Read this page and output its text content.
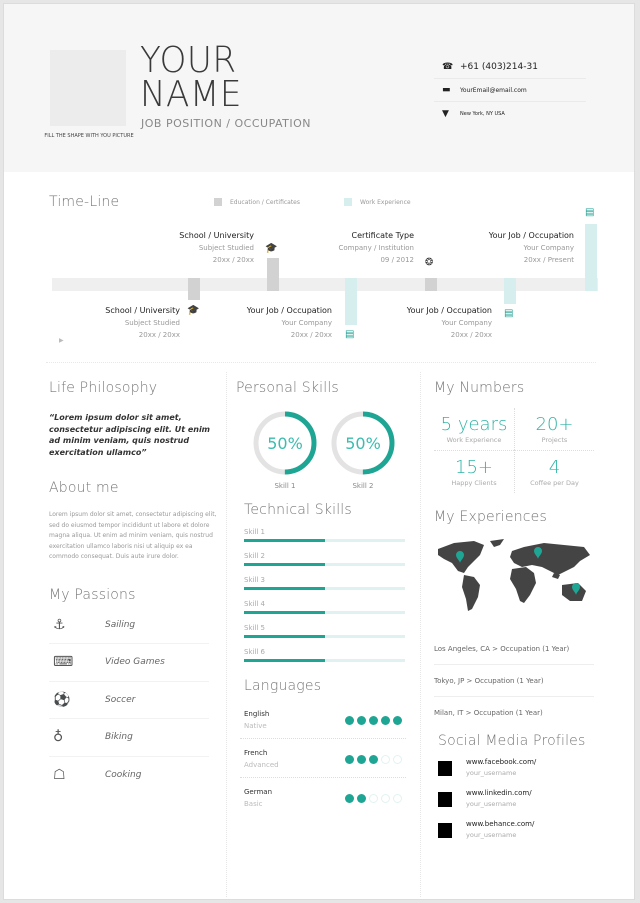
FILL THE SHAPE WITH YOU PICTURE
YOUR
NAME
JOB POSITION / OCCUPATION
☎ +61 (403)214-31
▬	YourEmail@email.com
▼	New York, NY USA
Time-Line	Education / Certificates	Work Experience
School / University
Subject Studied
20xx / 20xx
🎓
Certificate Type
Company / Institution
09 / 2012 ❂
Your Job / Occupation
Your Company
20xx / Present
▤
School / University
Subject Studied
20xx / 20xx
🎓	Your Job / Occupation
Your Company
20xx / 20xx ▤
Your Job / Occupation
Your Company
20xx / 20xx
▤
▶
Life Philosophy
“Lorem ipsum dolor sit amet, consectetur adipiscing elit. Ut enim ad minim veniam, quis nostrud exercitation ullamco”
About me
Lorem ipsum dolor sit amet, consectetur adipiscing elit, sed do eiusmod tempor incididunt ut labore et dolore magna aliqua. Ut enim ad minim veniam, quis nostrud exercitation ullamco laboris nisi ut aliquip ex ea commodo consequat. Duis aute irure dolor.
My Passions
⚓	Sailing
⌨	Video Games
⚽	Soccer
♁	Biking
☖	Cooking
Personal Skills
50%
Skill 1
50%
Skill 2
Technical Skills
Skill 1
Skill 2
Skill 3
Skill 4
Skill 5
Skill 6
Languages
English
Native
French
Advanced
German
Basic
My Numbers
5 years
Work Experience
20+
Projects
15+
Happy Clients
4
Coffee per Day
My Experiences
Los Angeles, CA > Occupation (1 Year)
Tokyo, JP > Occupation (1 Year)
Milan, IT > Occupation (1 Year)
Social Media Profiles
www.facebook.com/
your_username
www.linkedin.com/
your_username
www.behance.com/
your_username
